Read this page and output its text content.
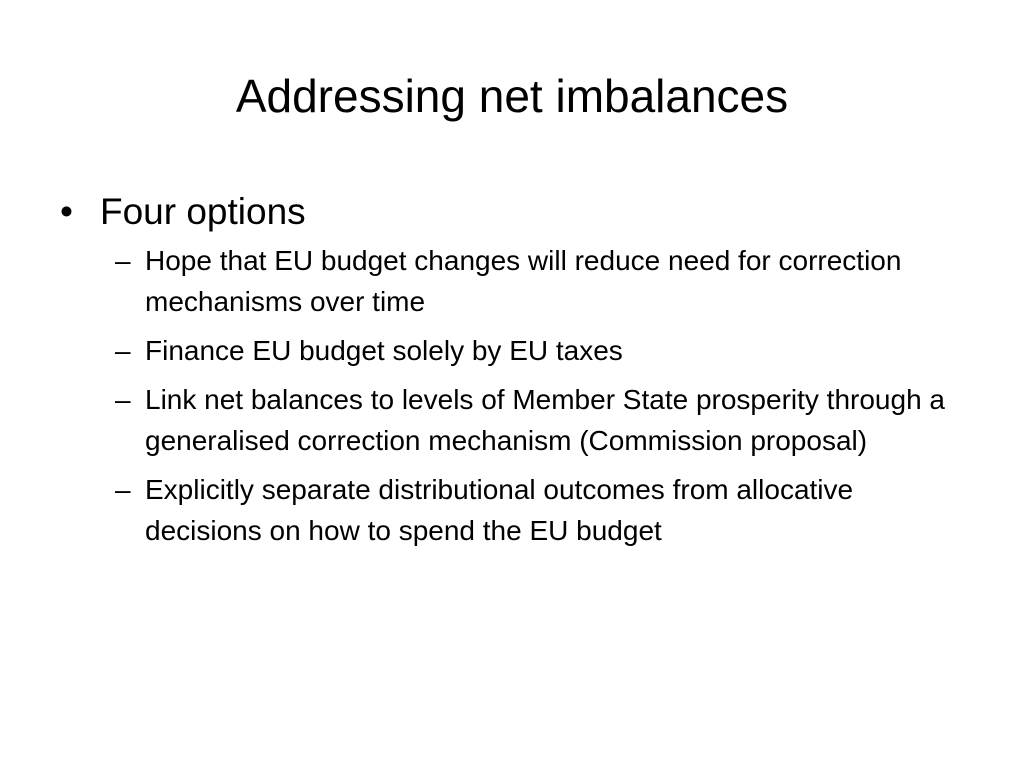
Addressing net imbalances
• Four options
– Hope that EU budget changes will reduce need for correction mechanisms over time
– Finance EU budget solely by EU taxes
– Link net balances to levels of Member State prosperity through a generalised correction mechanism (Commission proposal)
– Explicitly separate distributional outcomes from allocative decisions on how to spend the EU budget
